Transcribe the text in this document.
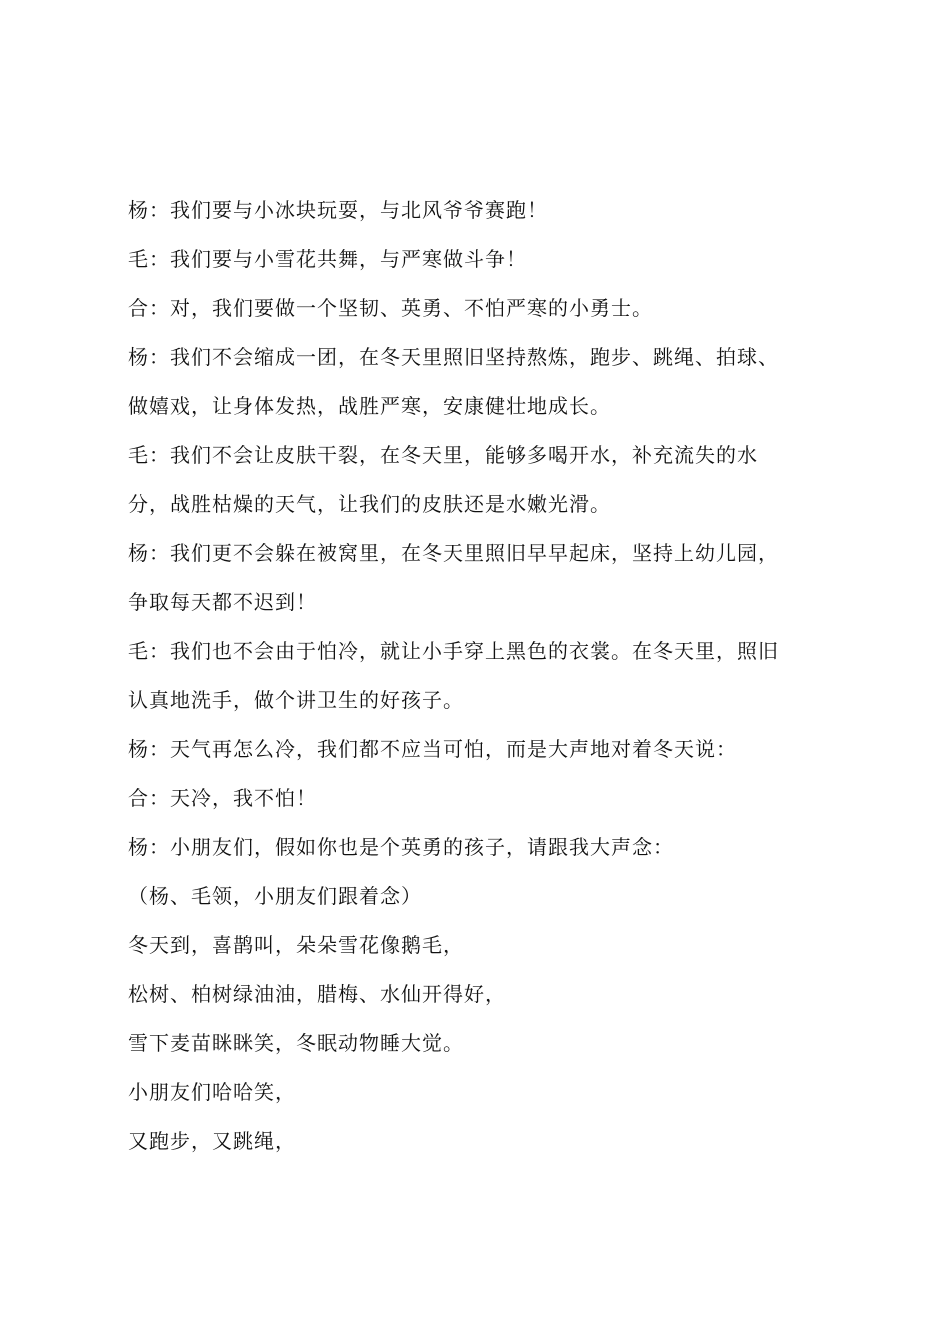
杨：我们要与小冰块玩耍，与北风爷爷赛跑！
毛：我们要与小雪花共舞，与严寒做斗争！
合：对，我们要做一个坚韧、英勇、不怕严寒的小勇士。
杨：我们不会缩成一团，在冬天里照旧坚持熬炼，跑步、跳绳、拍球、
做嬉戏，让身体发热，战胜严寒，安康健壮地成长。
毛：我们不会让皮肤干裂，在冬天里，能够多喝开水，补充流失的水
分，战胜枯燥的天气，让我们的皮肤还是水嫩光滑。
杨：我们更不会躲在被窝里，在冬天里照旧早早起床，坚持上幼儿园，
争取每天都不迟到！
毛：我们也不会由于怕冷，就让小手穿上黑色的衣裳。在冬天里，照旧
认真地洗手，做个讲卫生的好孩子。
杨：天气再怎么冷，我们都不应当可怕，而是大声地对着冬天说：
合：天冷，我不怕！
杨：小朋友们，假如你也是个英勇的孩子，请跟我大声念：
（杨、毛领，小朋友们跟着念）
冬天到，喜鹊叫，朵朵雪花像鹅毛，
松树、柏树绿油油，腊梅、水仙开得好，
雪下麦苗眯眯笑，冬眠动物睡大觉。
小朋友们哈哈笑，
又跑步，又跳绳，
